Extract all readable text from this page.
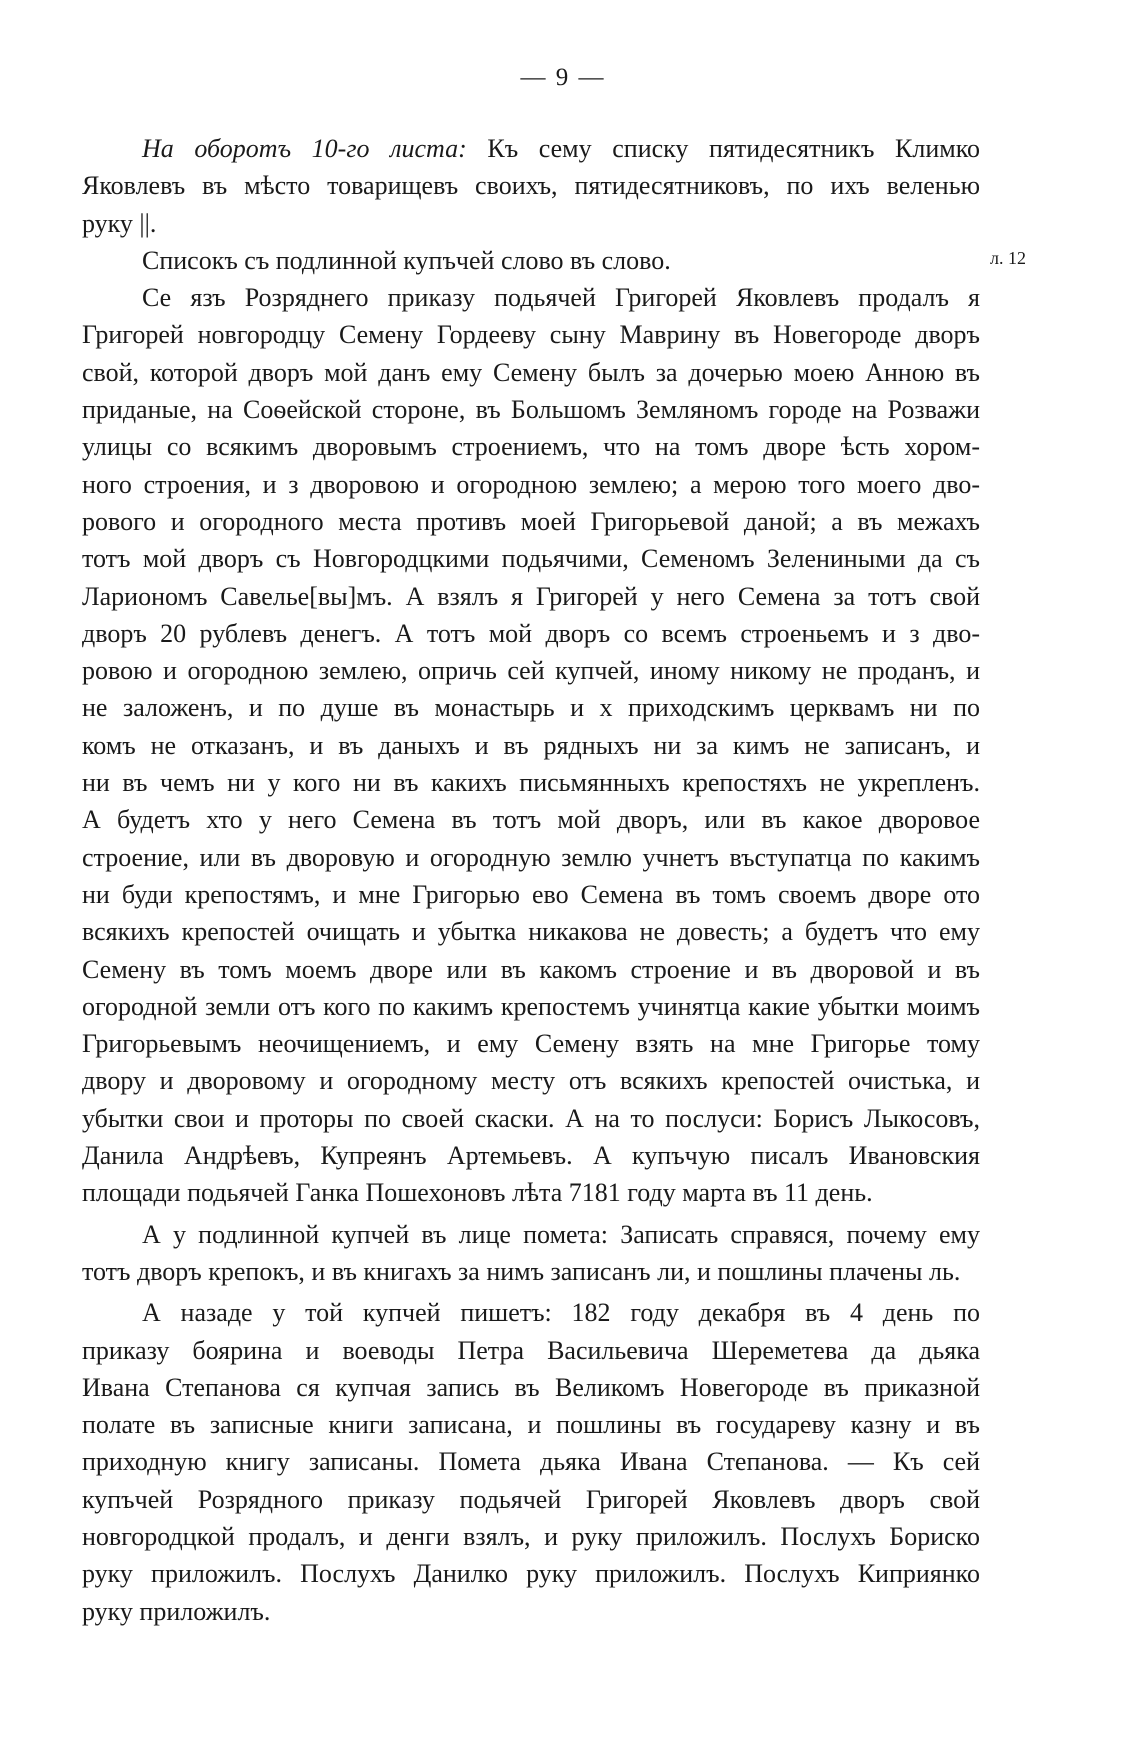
— 9 —
л. 12
На оборотъ 10-го листа: Къ сему списку пятидесятникъ Климко
Яковлевъ въ мѣсто товарищевъ своихъ, пятидесятниковъ, по ихъ веленью
руку ||.
Списокъ съ подлинной купъчей слово въ слово.
Се язъ Розряднего приказу подьячей Григорей Яковлевъ продалъ я
Григорей новгородцу Семену Гордееву сыну Маврину въ Новегороде дворъ
свой, которой дворъ мой данъ ему Семену былъ за дочерью моею Анною въ
приданые, на Соѳейской стороне, въ Большомъ Земляномъ городе на Розважи
улицы со всякимъ дворовымъ строениемъ, что на томъ дворе ѣсть хором-
ного строения, и з дворовою и огородною землею; а мерою того моего дво-
рового и огородного места противъ моей Григорьевой даной; а въ межахъ
тотъ мой дворъ съ Новгородцкими подьячими, Семеномъ Зелениными да съ
Лариономъ Савелье[вы]мъ. А взялъ я Григорей у него Семена за тотъ свой
дворъ 20 рублевъ денегъ. А тотъ мой дворъ со всемъ строеньемъ и з дво-
ровою и огородною землею, опричь сей купчей, иному никому не проданъ, и
не заложенъ, и по душе въ монастырь и х приходскимъ церквамъ ни по
комъ не отказанъ, и въ даныхъ и въ рядныхъ ни за кимъ не записанъ, и
ни въ чемъ ни у кого ни въ какихъ письмянныхъ крепостяхъ не укрепленъ.
А будетъ хто у него Семена въ тотъ мой дворъ, или въ какое дворовое
строение, или въ дворовую и огородную землю учнетъ въступатца по какимъ
ни буди крепостямъ, и мне Григорью ево Семена въ томъ своемъ дворе ото
всякихъ крепостей очищать и убытка никакова не довесть; а будетъ что ему
Семену въ томъ моемъ дворе или въ какомъ строение и въ дворовой и въ
огородной земли отъ кого по какимъ крепостемъ учинятца какие убытки моимъ
Григорьевымъ неочищениемъ, и ему Семену взять на мне Григорье тому
двору и дворовому и огородному месту отъ всякихъ крепостей очистька, и
убытки свои и проторы по своей скаски. А на то послуси: Борисъ Лыкосовъ,
Данила Андрѣевъ, Купреянъ Артемьевъ. А купъчую писалъ Ивановския
площади подьячей Ганка Пошехоновъ лѣта 7181 году марта въ 11 день.
А у подлинной купчей въ лице помета: Записать справяся, почему ему
тотъ дворъ крепокъ, и въ книгахъ за нимъ записанъ ли, и пошлины плачены ль.
А назаде у той купчей пишетъ: 182 году декабря въ 4 день по
приказу боярина и воеводы Петра Васильевича Шереметева да дьяка
Ивана Степанова ся купчая запись въ Великомъ Новегороде въ приказной
полате въ записные книги записана, и пошлины въ государеву казну и въ
приходную книгу записаны. Помета дьяка Ивана Степанова. — Къ сей
купъчей Розрядного приказу подьячей Григорей Яковлевъ дворъ свой
новгородцкой продалъ, и денги взялъ, и руку приложилъ. Послухъ Бориско
руку приложилъ. Послухъ Данилко руку приложилъ. Послухъ Киприянко
руку приложилъ.
